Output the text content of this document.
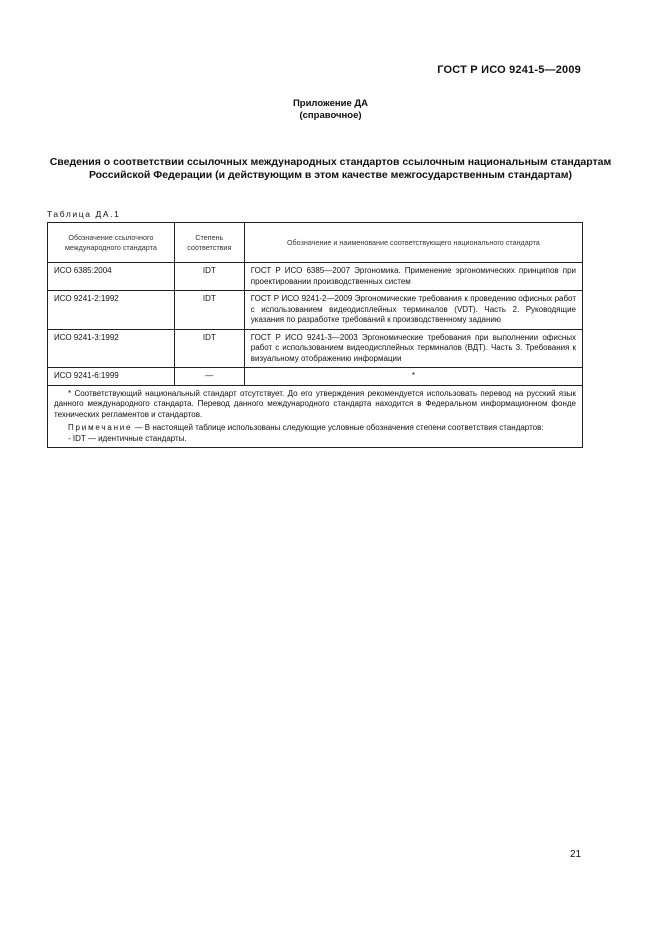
ГОСТ Р ИСО 9241-5—2009
Приложение ДА
(справочное)
Сведения о соответствии ссылочных международных стандартов ссылочным национальным стандартам Российской Федерации (и действующим в этом качестве межгосударственным стандартам)
Таблица ДА.1
Обозначение ссылочного международного стандарта	Степень соответствия	Обозначение и наименование соответствующего национального стандарта
ИСО 6385:2004	IDT	ГОСТ Р ИСО 6385—2007 Эргономика. Применение эргономических принципов при проектировании производственных систем
ИСО 9241-2:1992	IDT	ГОСТ Р ИСО 9241-2—2009 Эргономические требования к проведению офисных работ с использованием видеодисплейных терминалов (VDT). Часть 2. Руководящие указания по разработке требований к производственному заданию
ИСО 9241-3:1992	IDT	ГОСТ Р ИСО 9241-3—2003 Эргономические требования при выполнении офисных работ с использованием видеодисплейных терминалов (ВДТ). Часть 3. Требования к визуальному отображению информации
ИСО 9241-6:1999	—	*

* Соответствующий национальный стандарт отсутствует. До его утверждения рекомендуется использовать перевод на русский язык данного международного стандарта. Перевод данного международного стандарта находится в Федеральном информационном фонде технических регламентов и стандартов.

Примечание — В настоящей таблице использованы следующие условные обозначения степени соответствия стандартов:

- IDT — идентичные стандарты.		

21
